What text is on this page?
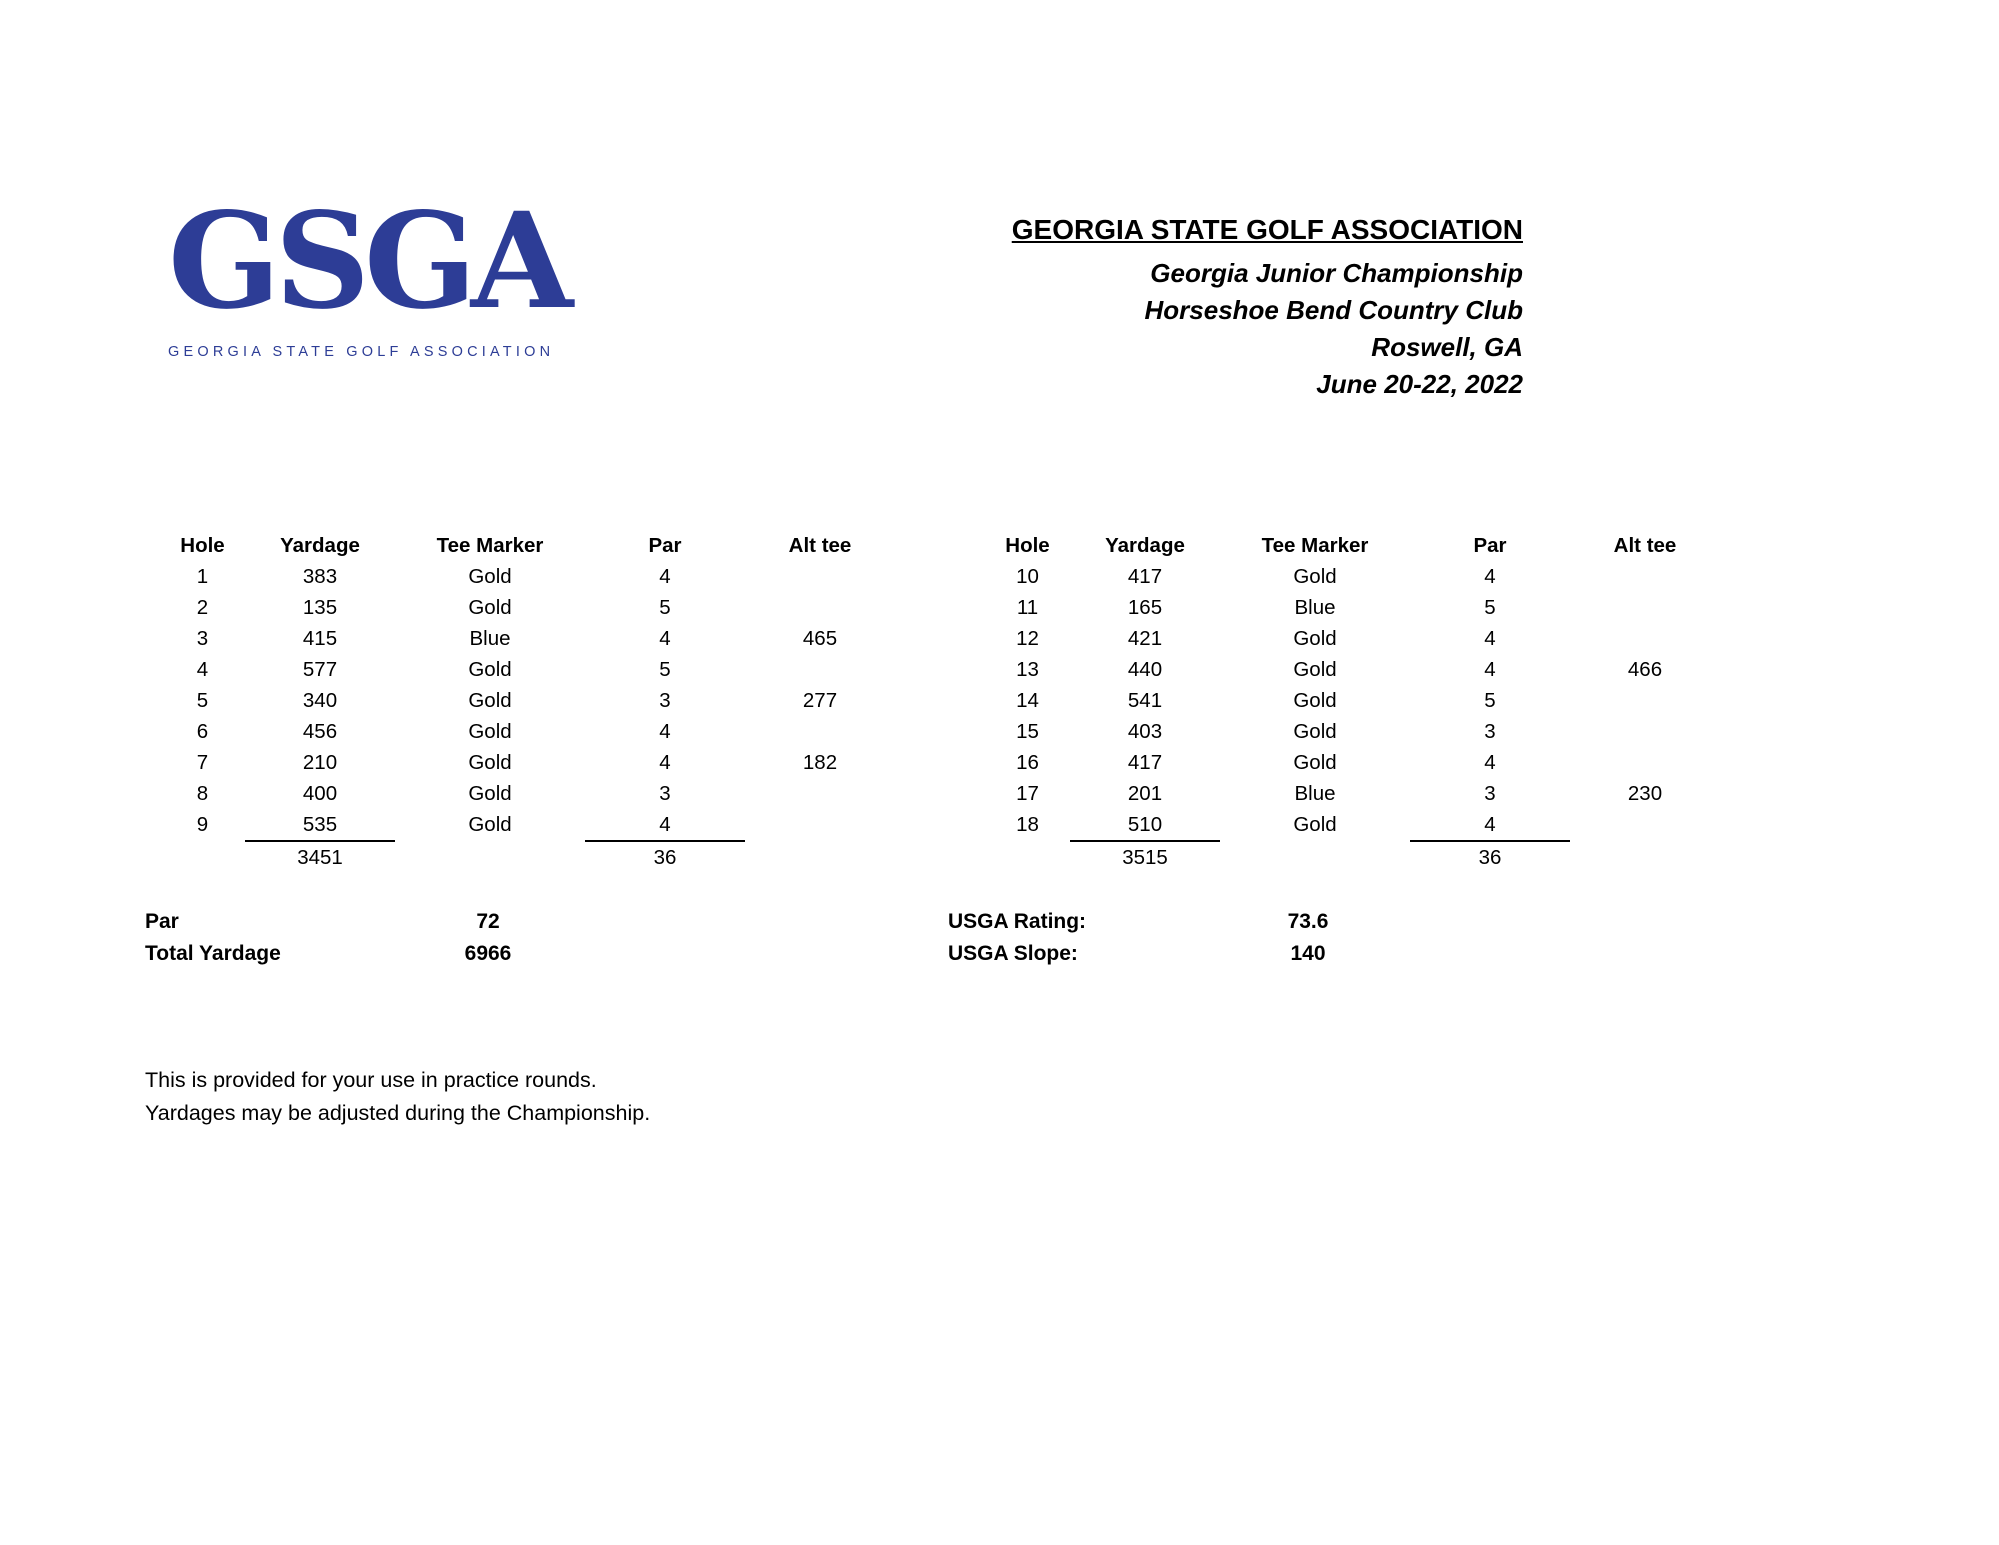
GSGA
GEORGIA STATE GOLF ASSOCIATION
GEORGIA STATE GOLF ASSOCIATION
Georgia Junior Championship
Horseshoe Bend Country Club
Roswell, GA
June 20-22, 2022
Hole	Yardage	Tee Marker	Par	Alt tee
1	383	Gold	4	
2	135	Gold	5	
3	415	Blue	4	465
4	577	Gold	5	
5	340	Gold	3	277
6	456	Gold	4	
7	210	Gold	4	182
8	400	Gold	3	
9	535	Gold	4	
	3451		36	
Hole	Yardage	Tee Marker	Par	Alt tee
10	417	Gold	4	
11	165	Blue	5	
12	421	Gold	4	
13	440	Gold	4	466
14	541	Gold	5	
15	403	Gold	3	
16	417	Gold	4	
17	201	Blue	3	230
18	510	Gold	4	
	3515		36	
Par	72
Total Yardage	6966
USGA Rating:	73.6
USGA Slope:	140
This is provided for your use in practice rounds.
Yardages may be adjusted during the Championship.
